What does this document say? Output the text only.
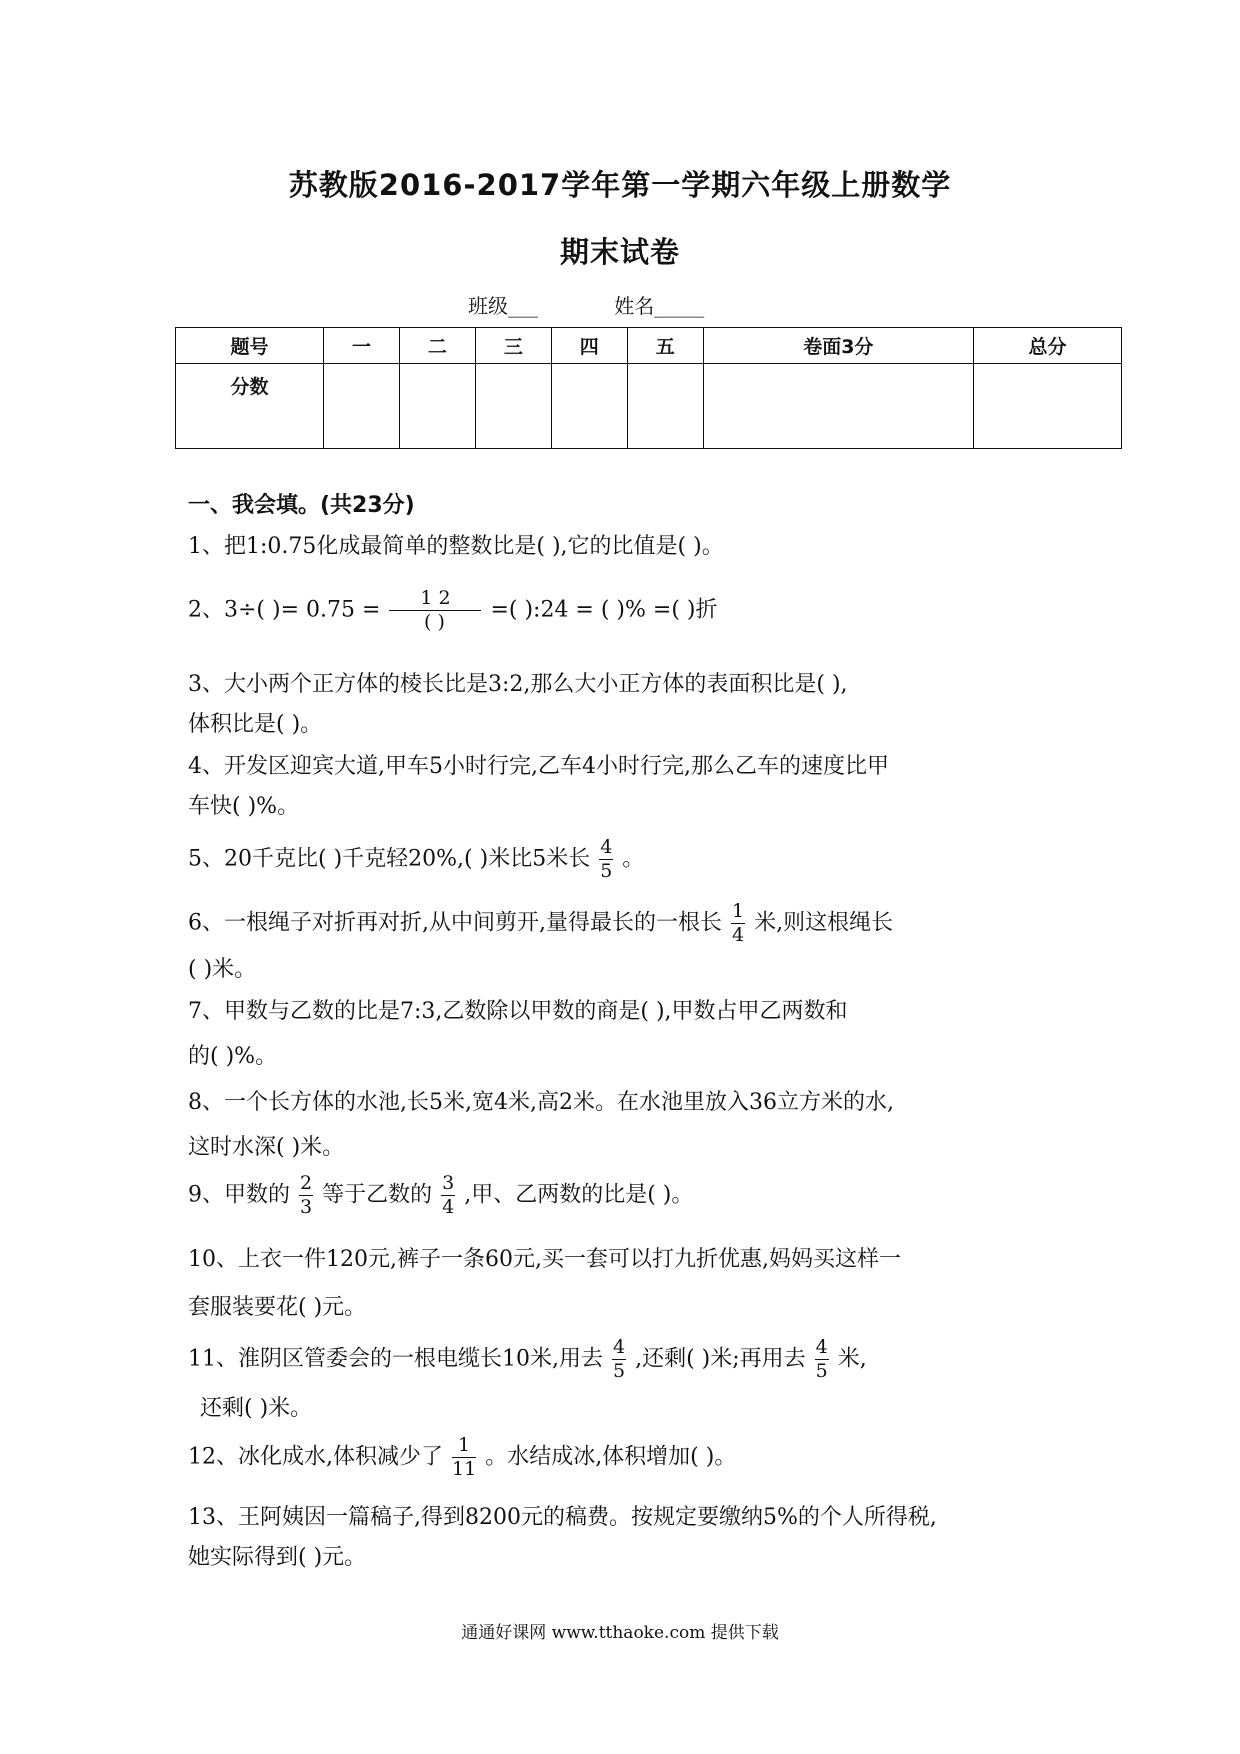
苏教版2016-2017学年第一学期六年级上册数学
期末试卷
班级___	姓名_____
题号	一	二	三	四	五	卷面3分	总分
分数							
一、我会填。(共23分)
1、把1:0.75化成最简单的整数比是( ),它的比值是( )。
2、3÷( )= $0.75 = \frac{1 2}{( )}$ =( ):24 = ( )% =( )折
3、大小两个正方体的棱长比是3:2,那么大小正方体的表面积比是( ),
体积比是( )。
4、开发区迎宾大道,甲车5小时行完,乙车4小时行完,那么乙车的速度比甲
车快( )%。
5、20千克比( )千克轻20%,( )米比5米长 $\frac{4}{5}$ 。
6、一根绳子对折再对折,从中间剪开,量得最长的一根长 $\frac{1}{4}$ 米,则这根绳长
( )米。
7、甲数与乙数的比是7:3,乙数除以甲数的商是( ),甲数占甲乙两数和
的( )%。
8、一个长方体的水池,长5米,宽4米,高2米。在水池里放入36立方米的水,
这时水深( )米。
9、甲数的 $\frac{2}{3}$ 等于乙数的 $\frac{3}{4}$ ,甲、乙两数的比是( )。
10、上衣一件120元,裤子一条60元,买一套可以打九折优惠,妈妈买这样一
套服装要花( )元。
11、淮阴区管委会的一根电缆长10米,用去 $\frac{4}{5}$ ,还剩( )米;再用去 $\frac{4}{5}$ 米,
还剩( )米。
12、冰化成水,体积减少了 $\frac{1}{11}$ 。水结成冰,体积增加( )。
13、王阿姨因一篇稿子,得到8200元的稿费。按规定要缴纳5%的个人所得税,
她实际得到( )元。
通通好课网 www.tthaoke.com 提供下载
